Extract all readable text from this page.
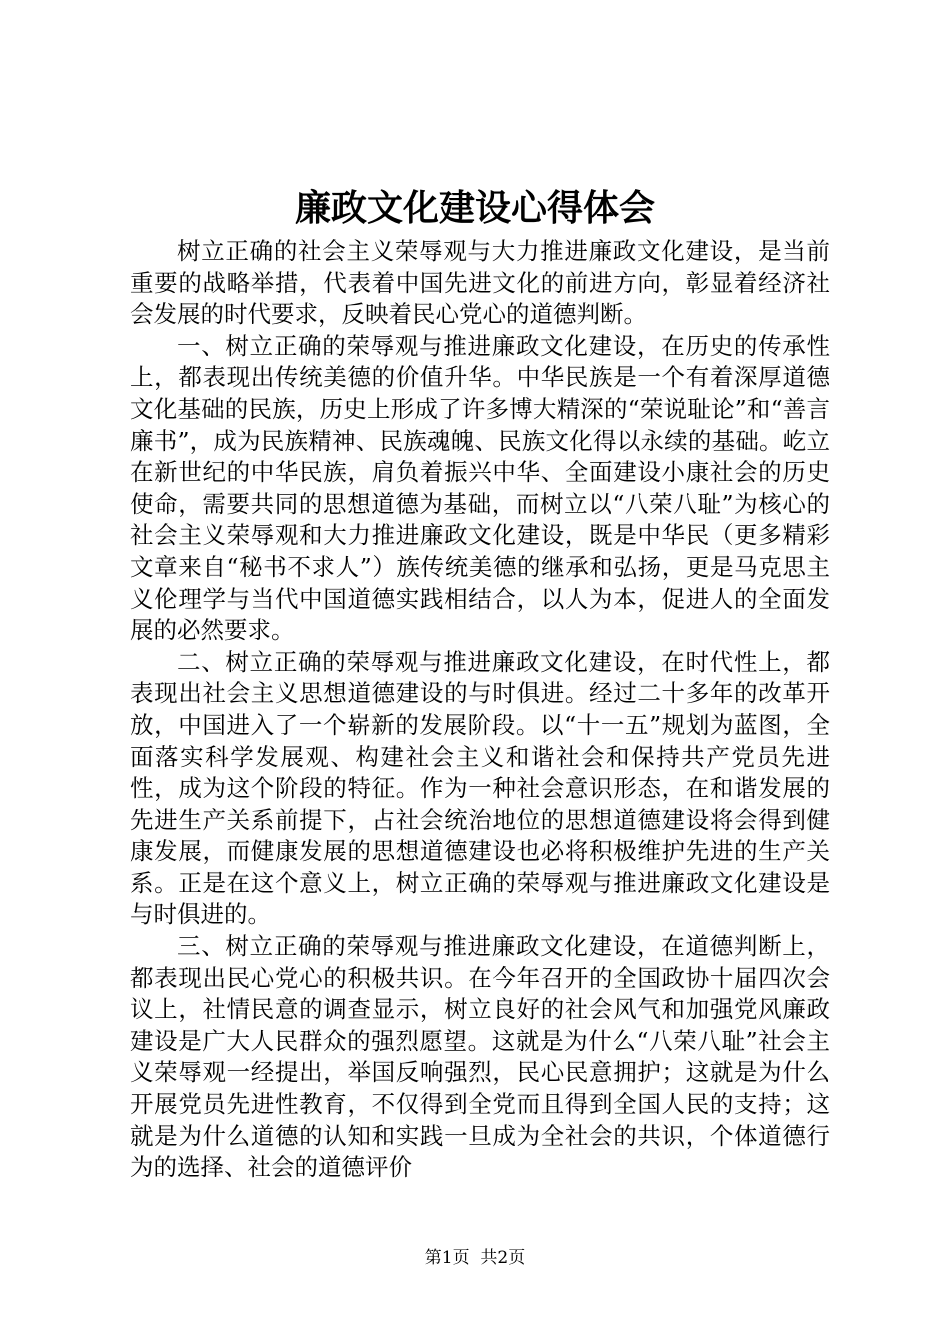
廉政文化建设心得体会

树立正确的社会主义荣辱观与大力推进廉政文化建设，是当前重要的战略举措，代表着中国先进文化的前进方向，彰显着经济社会发展的时代要求，反映着民心党心的道德判断。

一、树立正确的荣辱观与推进廉政文化建设，在历史的传承性上，都表现出传统美德的价值升华。中华民族是一个有着深厚道德文化基础的民族，历史上形成了许多博大精深的“荣说耻论”和“善言廉书”，成为民族精神、民族魂魄、民族文化得以永续的基础。屹立在新世纪的中华民族，肩负着振兴中华、全面建设小康社会的历史使命，需要共同的思想道德为基础，而树立以“八荣八耻”为核心的社会主义荣辱观和大力推进廉政文化建设，既是中华民（更多精彩文章来自“秘书不求人”）族传统美德的继承和弘扬，更是马克思主义伦理学与当代中国道德实践相结合，以人为本，促进人的全面发展的必然要求。

二、树立正确的荣辱观与推进廉政文化建设，在时代性上，都表现出社会主义思想道德建设的与时俱进。经过二十多年的改革开放，中国进入了一个崭新的发展阶段。以“十一五”规划为蓝图，全面落实科学发展观、构建社会主义和谐社会和保持共产党员先进性，成为这个阶段的特征。作为一种社会意识形态，在和谐发展的先进生产关系前提下，占社会统治地位的思想道德建设将会得到健康发展，而健康发展的思想道德建设也必将积极维护先进的生产关系。正是在这个意义上，树立正确的荣辱观与推进廉政文化建设是与时俱进的。

三、树立正确的荣辱观与推进廉政文化建设，在道德判断上，都表现出民心党心的积极共识。在今年召开的全国政协十届四次会议上，社情民意的调查显示，树立良好的社会风气和加强党风廉政建设是广大人民群众的强烈愿望。这就是为什么“八荣八耻”社会主义荣辱观一经提出，举国反响强烈，民心民意拥护；这就是为什么开展党员先进性教育，不仅得到全党而且得到全国人民的支持；这就是为什么道德的认知和实践一旦成为全社会的共识，个体道德行为的选择、社会的道德评价

第1页  共2页
